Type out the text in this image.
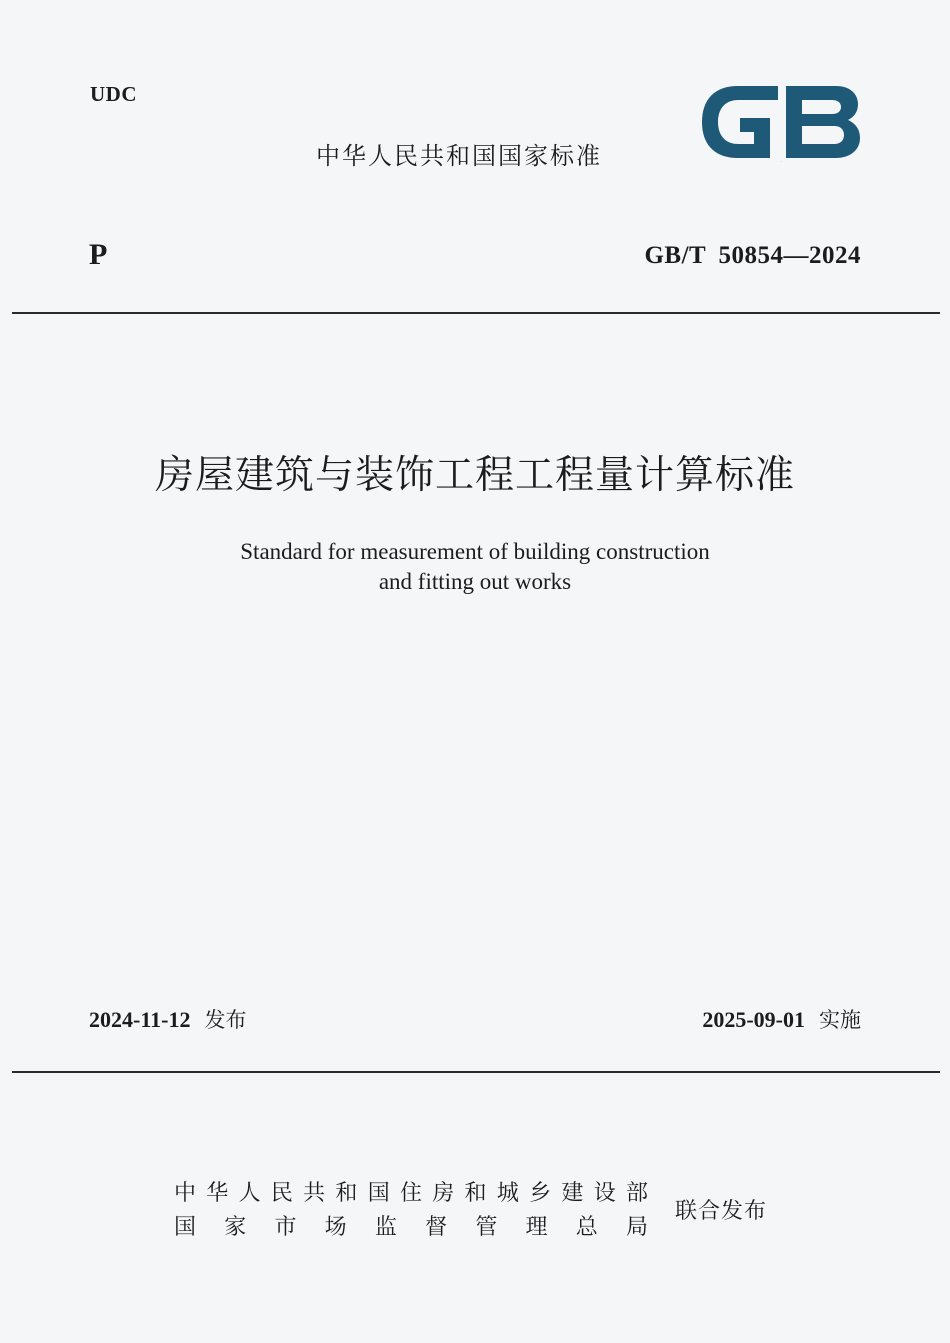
UDC
中华人民共和国国家标准	GB
P	GB/T 50854—2024
房屋建筑与装饰工程工程量计算标准
Standard for measurement of building construction
and fitting out works
2024-11-12 发布	2025-09-01 实施
中华人民共和国住房和城乡建设部
国家市场监督管理总局
联合发布
